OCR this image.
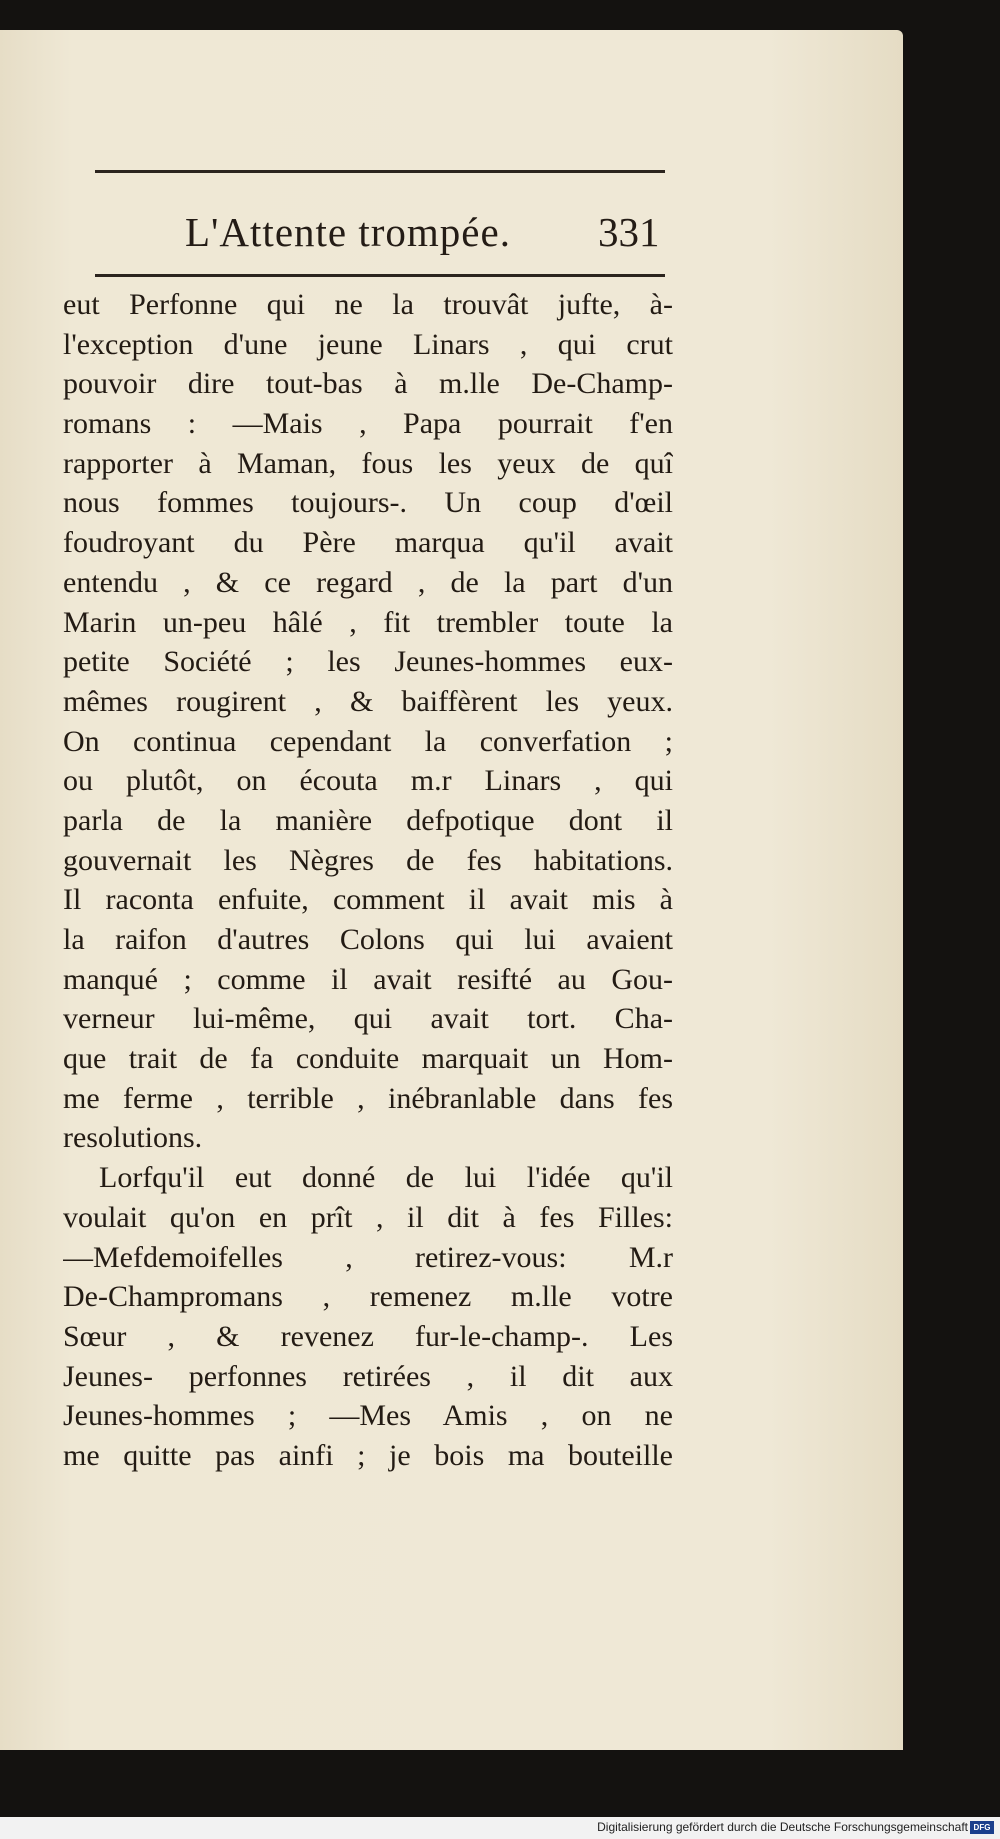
L'Attente trompée. 331
eut Perfonne qui ne la trouvât jufte, à-
l'exception d'une jeune Linars , qui crut
pouvoir dire tout-bas à m.lle De-Champ-
romans : —Mais , Papa pourrait f'en
rapporter à Maman, fous les yeux de quî
nous fommes toujours-. Un coup d'œil
foudroyant du Père marqua qu'il avait
entendu , & ce regard , de la part d'un
Marin un-peu hâlé , fit trembler toute la
petite Société ; les Jeunes-hommes eux-
mêmes rougirent , & baiffèrent les yeux.
On continua cependant la converfation ;
ou plutôt, on écouta m.r Linars , qui
parla de la manière defpotique dont il
gouvernait les Nègres de fes habitations.
Il raconta enfuite, comment il avait mis à
la raifon d'autres Colons qui lui avaient
manqué ; comme il avait resifté au Gou-
verneur lui-même, qui avait tort. Cha-
que trait de fa conduite marquait un Hom-
me ferme , terrible , inébranlable dans fes
resolutions.
Lorfqu'il eut donné de lui l'idée qu'il
voulait qu'on en prît , il dit à fes Filles:
—Mefdemoifelles , retirez-vous: M.r
De-Champromans , remenez m.lle votre
Sœur , & revenez fur-le-champ-. Les
Jeunes- perfonnes retirées , il dit aux
Jeunes-hommes ; —Mes Amis , on ne
me quitte pas ainfi ; je bois ma bouteille
Digitalisierung gefördert durch die Deutsche Forschungsgemeinschaft DFG
